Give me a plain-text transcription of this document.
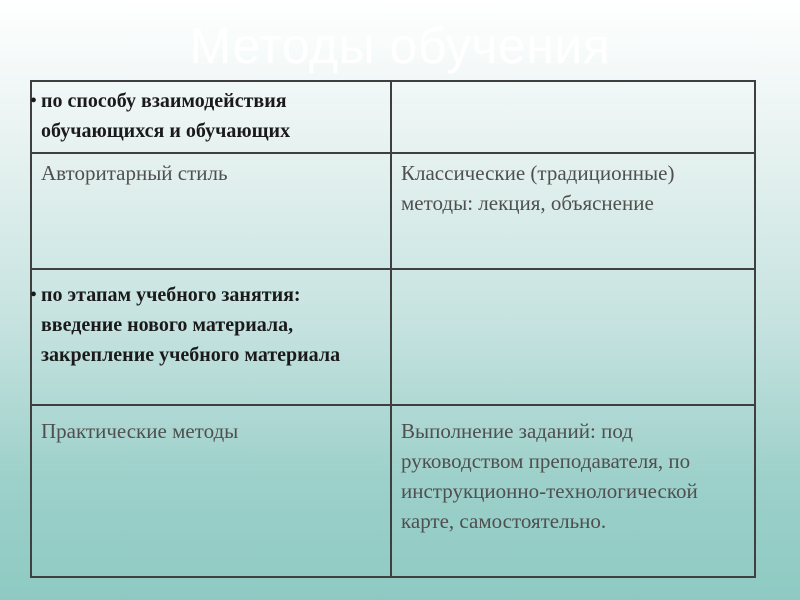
Методы обучения
• по способу взаимодействия обучающихся и обучающих	

Авторитарный стиль	Классические (традиционные) методы: лекция, объяснение

• по этапам учебного занятия: введение нового материала, закрепление учебного материала	

Практические методы	Выполнение заданий: под руководством преподавателя, по инструкционно-технологической карте, самостоятельно.
